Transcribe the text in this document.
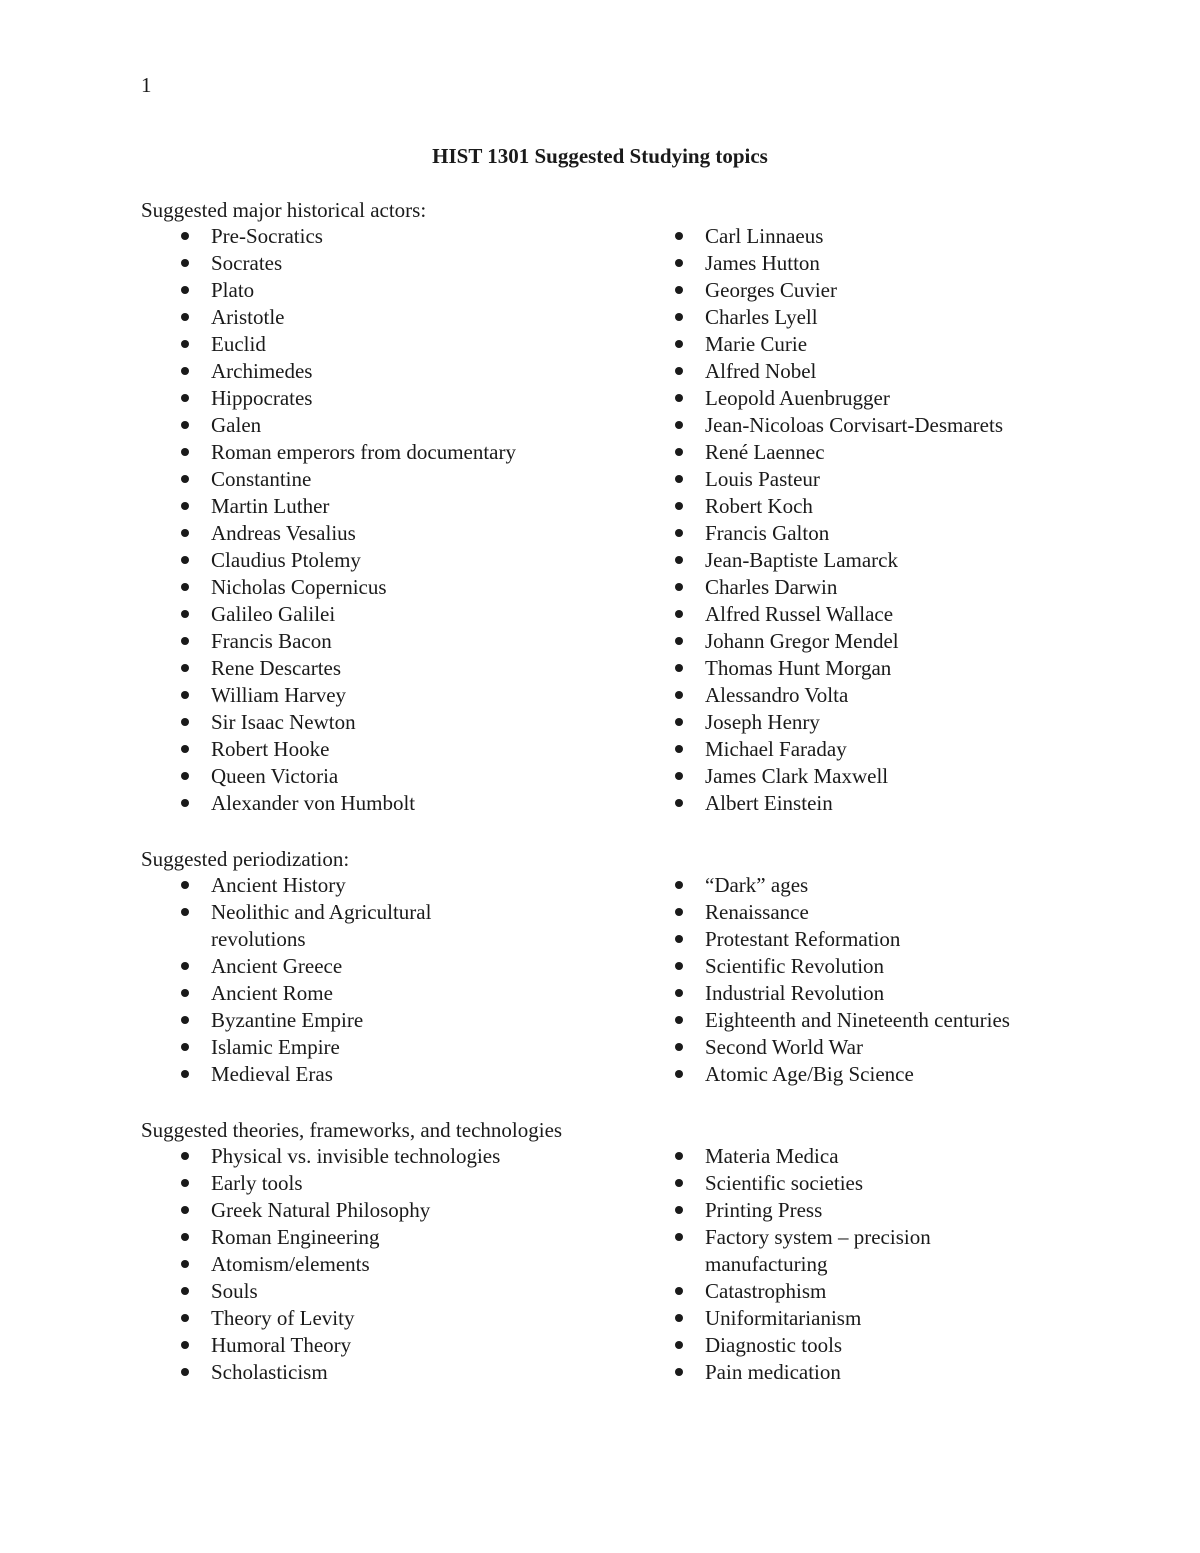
1
HIST 1301 Suggested Studying topics
Suggested major historical actors:
Pre-Socratics
Socrates
Plato
Aristotle
Euclid
Archimedes
Hippocrates
Galen
Roman emperors from documentary
Constantine
Martin Luther
Andreas Vesalius
Claudius Ptolemy
Nicholas Copernicus
Galileo Galilei
Francis Bacon
Rene Descartes
William Harvey
Sir Isaac Newton
Robert Hooke
Queen Victoria
Alexander von Humbolt
Carl Linnaeus
James Hutton
Georges Cuvier
Charles Lyell
Marie Curie
Alfred Nobel
Leopold Auenbrugger
Jean-Nicoloas Corvisart-Desmarets
René Laennec
Louis Pasteur
Robert Koch
Francis Galton
Jean-Baptiste Lamarck
Charles Darwin
Alfred Russel Wallace
Johann Gregor Mendel
Thomas Hunt Morgan
Alessandro Volta
Joseph Henry
Michael Faraday
James Clark Maxwell
Albert Einstein
Suggested periodization:
Ancient History
Neolithic and Agricultural revolutions
Ancient Greece
Ancient Rome
Byzantine Empire
Islamic Empire
Medieval Eras
“Dark” ages
Renaissance
Protestant Reformation
Scientific Revolution
Industrial Revolution
Eighteenth and Nineteenth centuries
Second World War
Atomic Age/Big Science
Suggested theories, frameworks, and technologies
Physical vs. invisible technologies
Early tools
Greek Natural Philosophy
Roman Engineering
Atomism/elements
Souls
Theory of Levity
Humoral Theory
Scholasticism
Materia Medica
Scientific societies
Printing Press
Factory system – precision manufacturing
Catastrophism
Uniformitarianism
Diagnostic tools
Pain medication
